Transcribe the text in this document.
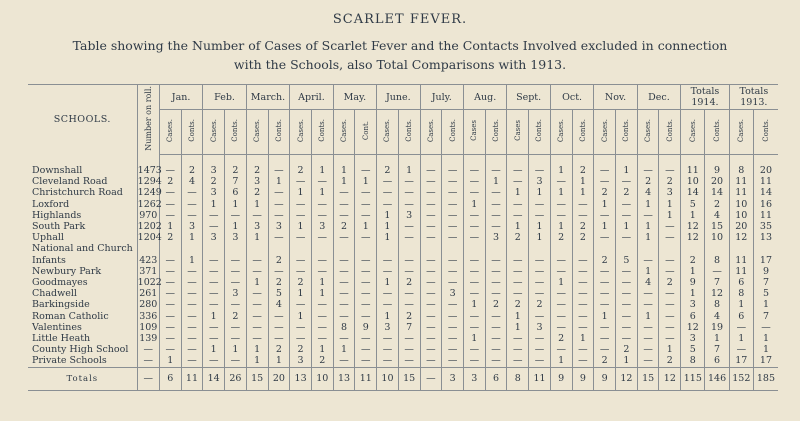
SCARLET FEVER.
Table showing the Number of Cases of Scarlet Fever and the Contacts Involved excluded in connection with the Schools, also Total Comparisons with 1913.
SCHOOLS.	Number on roll.	Jan.		Feb.		March.		April.		May.		June.		July.		Aug.		Sept.		Oct.		Nov.		Dec.		Totals 1914.		Totals 1913.	
		Cases.	Conts.	Cases.	Conts.	Cases.	Conts.	Cases.	Conts.	Cases.	Cont.	Cases.	Conts.	Cases.	Conts.	Cases	Conts.	Cases	Conts.	Cases.	Conts.	Cases.	Conts.	Cases.	Conts.	Cases.	Conts.	Cases.	Conts.
Downshall	1473	—	2	3	2	2	—	2	1	1	—	2	1	—	—	—	—	—	—	1	2	—	1	—	—	11	9	8	20
Cleveland Road	1294	2	4	2	7	3	1	—	—	1	1	—	—	—	—	—	1	—	3	—	1	—	—	2	2	10	20	11	11
Christchurch Road	1249	—	—	3	6	2	—	1	1	—	—	—	—	—	—	—	—	1	1	1	1	2	2	4	3	14	14	11	14
Loxford	1262	—	—	1	1	1	—	—	—	—	—	—	—	—	—	1	—	—	—	—	—	1	—	1	1	5	2	10	16
Highlands	970	—	—	—	—	—	—	—	—	—	—	1	3	—	—	—	—	—	—	—	—	—	—	—	1	1	4	10	11
South Park	1202	1	3	—	1	3	3	1	3	2	1	1	—	—	—	—	—	1	1	1	2	1	1	1	—	12	15	20	35
Uphall	1204	2	1	3	3	1	—	—	—	—	—	1	—	—	—	—	3	2	1	2	2	—	—	1	—	12	10	12	13
National and Church																													
Infants	423	—	1	—	—	—	2	—	—	—	—	—	—	—	—	—	—	—	—	—	—	2	5	—	—	2	8	11	17
Newbury Park	371	—	—	—	—	—	—	—	—	—	—	—	—	—	—	—	—	—	—	—	—	—	—	1	—	1	—	11	9
Goodmayes	1022	—	—	—	—	1	2	2	1	—	—	1	2	—	—	—	—	—	—	1	—	—	—	4	2	9	7	6	7
Chadwell	261	—	—	—	3	—	5	1	1	—	—	—	—	—	3	—	—	—	—	—	—	—	—	—	—	1	12	8	5
Barkingside	280	—	—	—	—	—	4	—	—	—	—	—	—	—	—	1	2	2	2	—	—	—	—	—	—	3	8	1	1
Roman Catholic	336	—	—	1	2	—	—	1	—	—	—	1	2	—	—	—	—	1	—	—	—	1	—	1	—	6	4	6	7
Valentines	109	—	—	—	—	—	—	—	—	8	9	3	7	—	—	—	—	1	3	—	—	—	—	—	—	12	19	—	—
Little Heath	139	—	—	—	—	—	—	—	—	—	—	—	—	—	—	1	—	—	—	2	1	—	—	—	—	3	1	1	1
County High School	—	—	—	1	1	1	2	2	1	1	—	—	—	—	—	—	—	—	—	—	—	—	2	—	1	5	7	—	1
Private Schools	—	1	—	—	—	1	1	3	2	—	—	—	—	—	—	—	—	—	—	1	—	2	1	—	2	8	6	17	17
Totals	—	6	11	14	26	15	20	13	10	13	11	10	15	—	3	3	6	8	11	9	9	9	12	15	12	115	146	152	185
